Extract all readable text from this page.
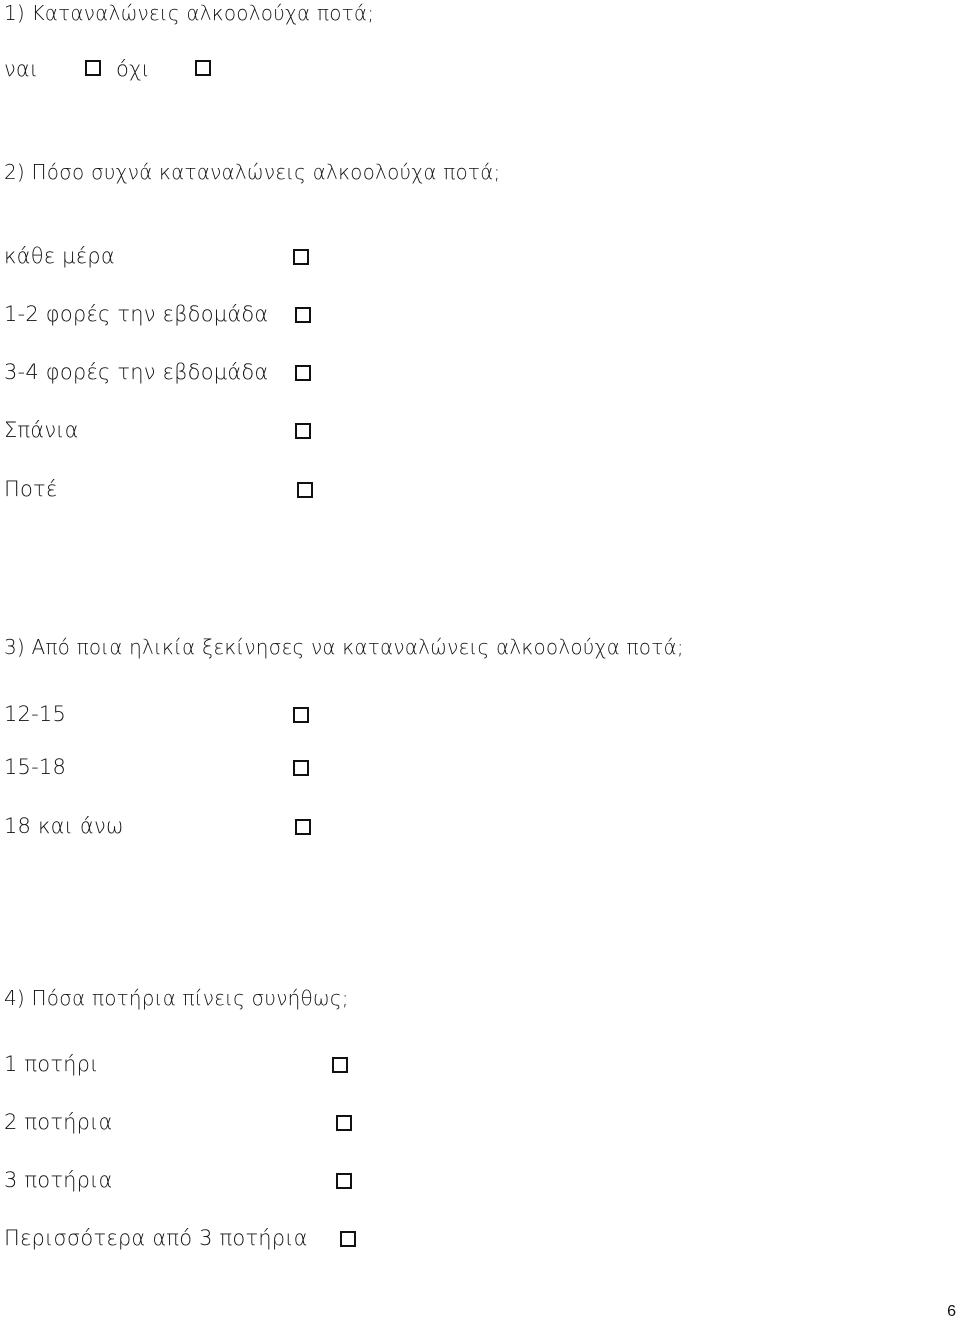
1) Καταναλώνεις αλκοολούχα ποτά;
ναι	όχι
2) Πόσο συχνά καταναλώνεις αλκοολούχα ποτά;
κάθε μέρα
1-2 φορές την εβδομάδα
3-4 φορές την εβδομάδα
Σπάνια
Ποτέ
3) Από ποια ηλικία ξεκίνησες να καταναλώνεις αλκοολούχα ποτά;
12-15
15-18
18 και άνω
4) Πόσα ποτήρια πίνεις συνήθως;
1 ποτήρι
2 ποτήρια
3 ποτήρια
Περισσότερα από 3 ποτήρια
6
